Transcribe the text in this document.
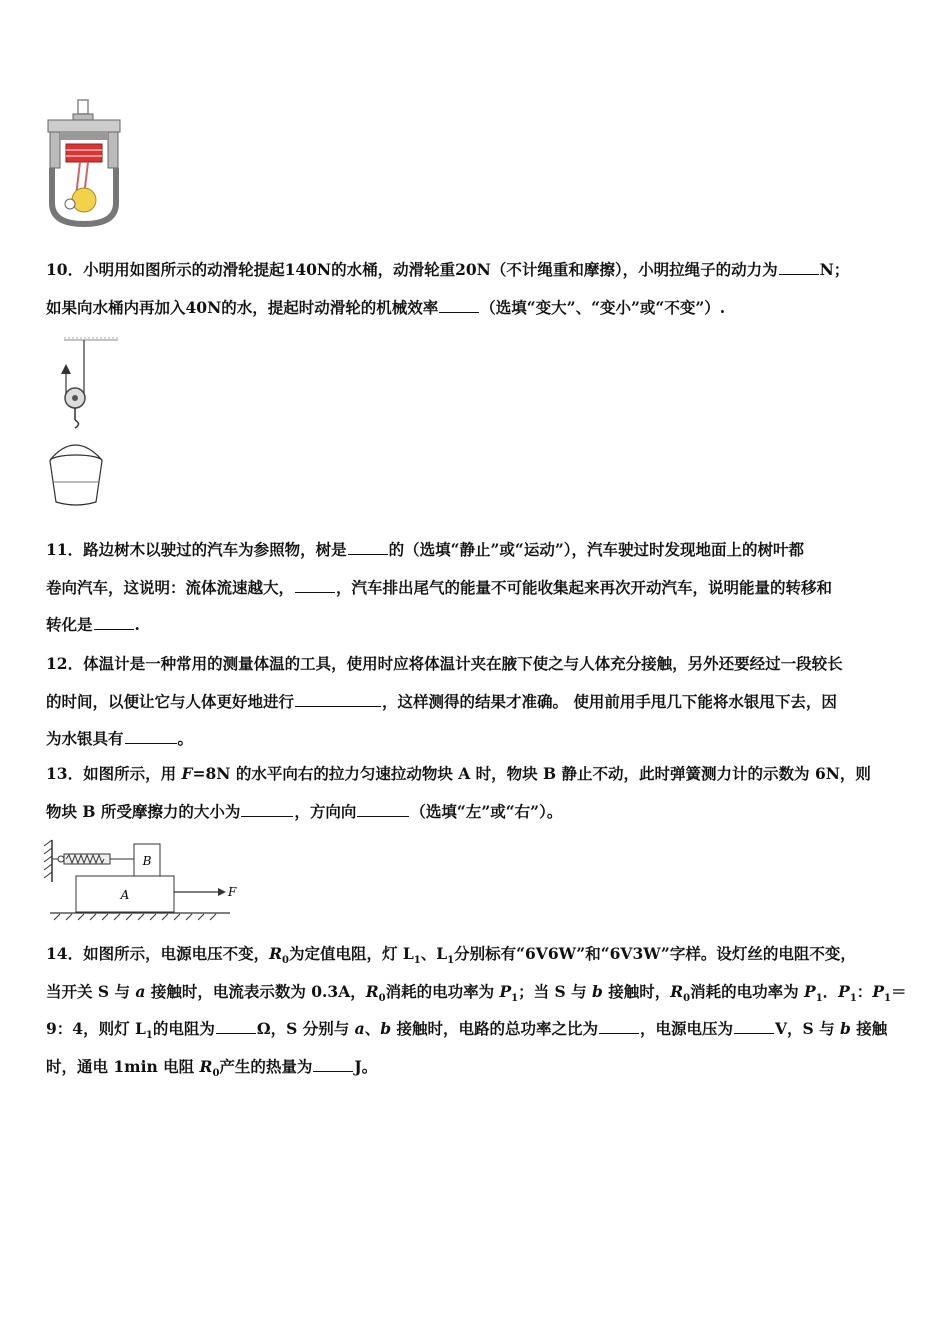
10．小明用如图所示的动滑轮提起140N的水桶，动滑轮重20N（不计绳重和摩擦），小明拉绳子的动力为	N；
如果向水桶内再加入40N的水，提起时动滑轮的机械效率	（选填“变大”、“变小”或“不变”）.
11．路边树木以驶过的汽车为参照物，树是	的（选填“静止”或“运动”），汽车驶过时发现地面上的树叶都
卷向汽车，这说明：流体流速越大，	，汽车排出尾气的能量不可能收集起来再次开动汽车，说明能量的转移和
转化是	.
12．体温计是一种常用的测量体温的工具，使用时应将体温计夹在腋下使之与人体充分接触，另外还要经过一段较长
的时间，以便让它与人体更好地进行	，这样测得的结果才准确。 使用前用手甩几下能将水银甩下去，因
为水银具有	。
13．如图所示，用 F=8N 的水平向右的拉力匀速拉动物块 A 时，物块 B 静止不动，此时弹簧测力计的示数为 6N，则
物块 B 所受摩擦力的大小为	，方向向	（选填“左”或“右”）。
B
A	F
14．如图所示，电源电压不变，$R_0$为定值电阻，灯 $L_1$、$L_1$分别标有“6V6W”和“6V3W”字样。设灯丝的电阻不变，
当开关 S 与 a 接触时，电流表示数为 0.3A，$R_0$消耗的电功率为 $P_1$；当 S 与 b 接触时，$R_0$消耗的电功率为 $P_1$．$P_1$：$P_1=$
9：4，则灯 $L_1$的电阻为	Ω，S 分别与 a、b 接触时，电路的总功率之比为	，电源电压为	V，S 与 b 接触
时，通电 1min 电阻 $R_0$产生的热量为	J。
